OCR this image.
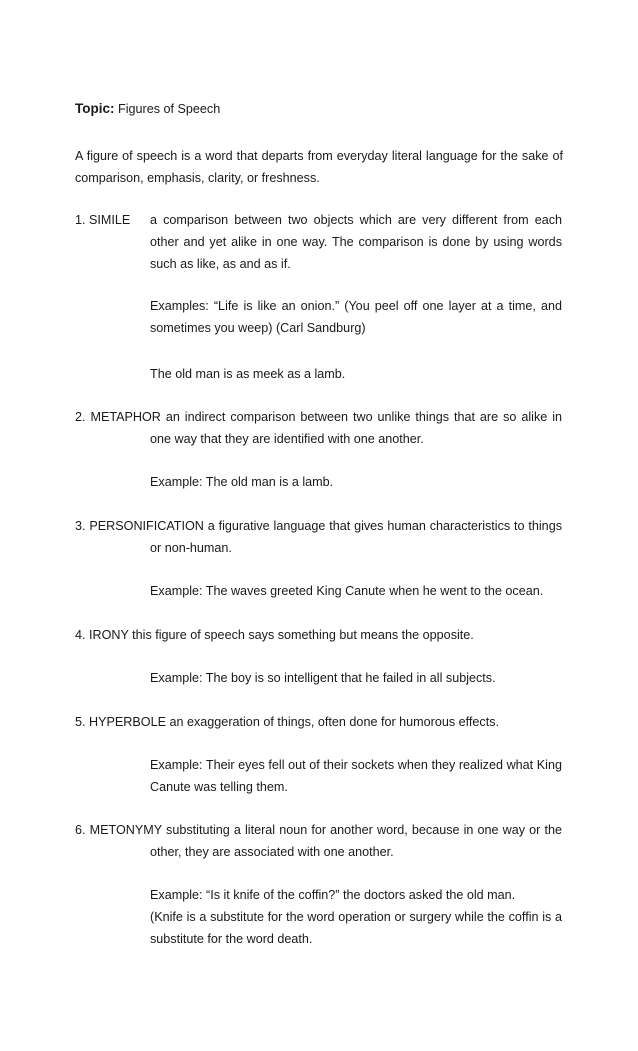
Topic: Figures of Speech
A figure of speech is a word that departs from everyday literal language for the sake of
comparison, emphasis, clarity, or freshness.
1. SIMILE a comparison between two objects which are very different from each
other and yet alike in one way. The comparison is done by using words
such as like, as and as if.
Examples: “Life is like an onion.” (You peel off one layer at a time, and
sometimes you weep) (Carl Sandburg)
The old man is as meek as a lamb.
2. METAPHOR an indirect comparison between two unlike things that are so alike in
one way that they are identified with one another.
Example: The old man is a lamb.
3. PERSONIFICATION a figurative language that gives human characteristics to things
or non-human.
Example: The waves greeted King Canute when he went to the ocean.
4. IRONY this figure of speech says something but means the opposite.
Example: The boy is so intelligent that he failed in all subjects.
5. HYPERBOLE an exaggeration of things, often done for humorous effects.
Example: Their eyes fell out of their sockets when they realized what King
Canute was telling them.
6. METONYMY substituting a literal noun for another word, because in one way or the
other, they are associated with one another.
Example: “Is it knife of the coffin?” the doctors asked the old man.
(Knife is a substitute for the word operation or surgery while the coffin is a
substitute for the word death.
